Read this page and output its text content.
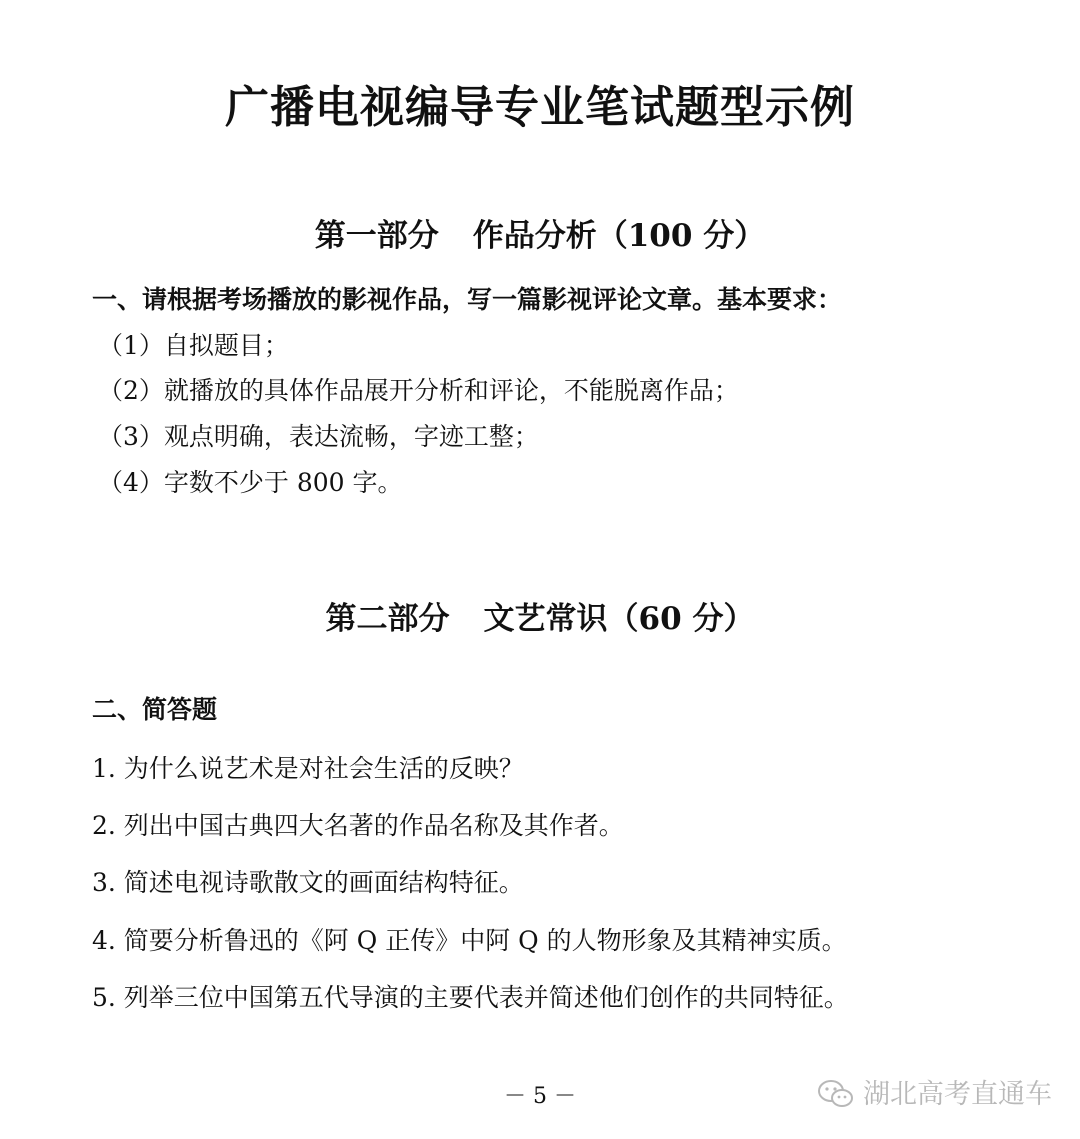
广播电视编导专业笔试题型示例
第一部分 作品分析（100 分）
一、请根据考场播放的影视作品，写一篇影视评论文章。基本要求：
（1）自拟题目；
（2）就播放的具体作品展开分析和评论，不能脱离作品；
（3）观点明确，表达流畅，字迹工整；
（4）字数不少于 800 字。
第二部分 文艺常识（60 分）
二、简答题
1. 为什么说艺术是对社会生活的反映？
2. 列出中国古典四大名著的作品名称及其作者。
3. 简述电视诗歌散文的画面结构特征。
4. 简要分析鲁迅的《阿 Q 正传》中阿 Q 的人物形象及其精神实质。
5. 列举三位中国第五代导演的主要代表并简述他们创作的共同特征。
－ 5 －	湖北高考直通车
